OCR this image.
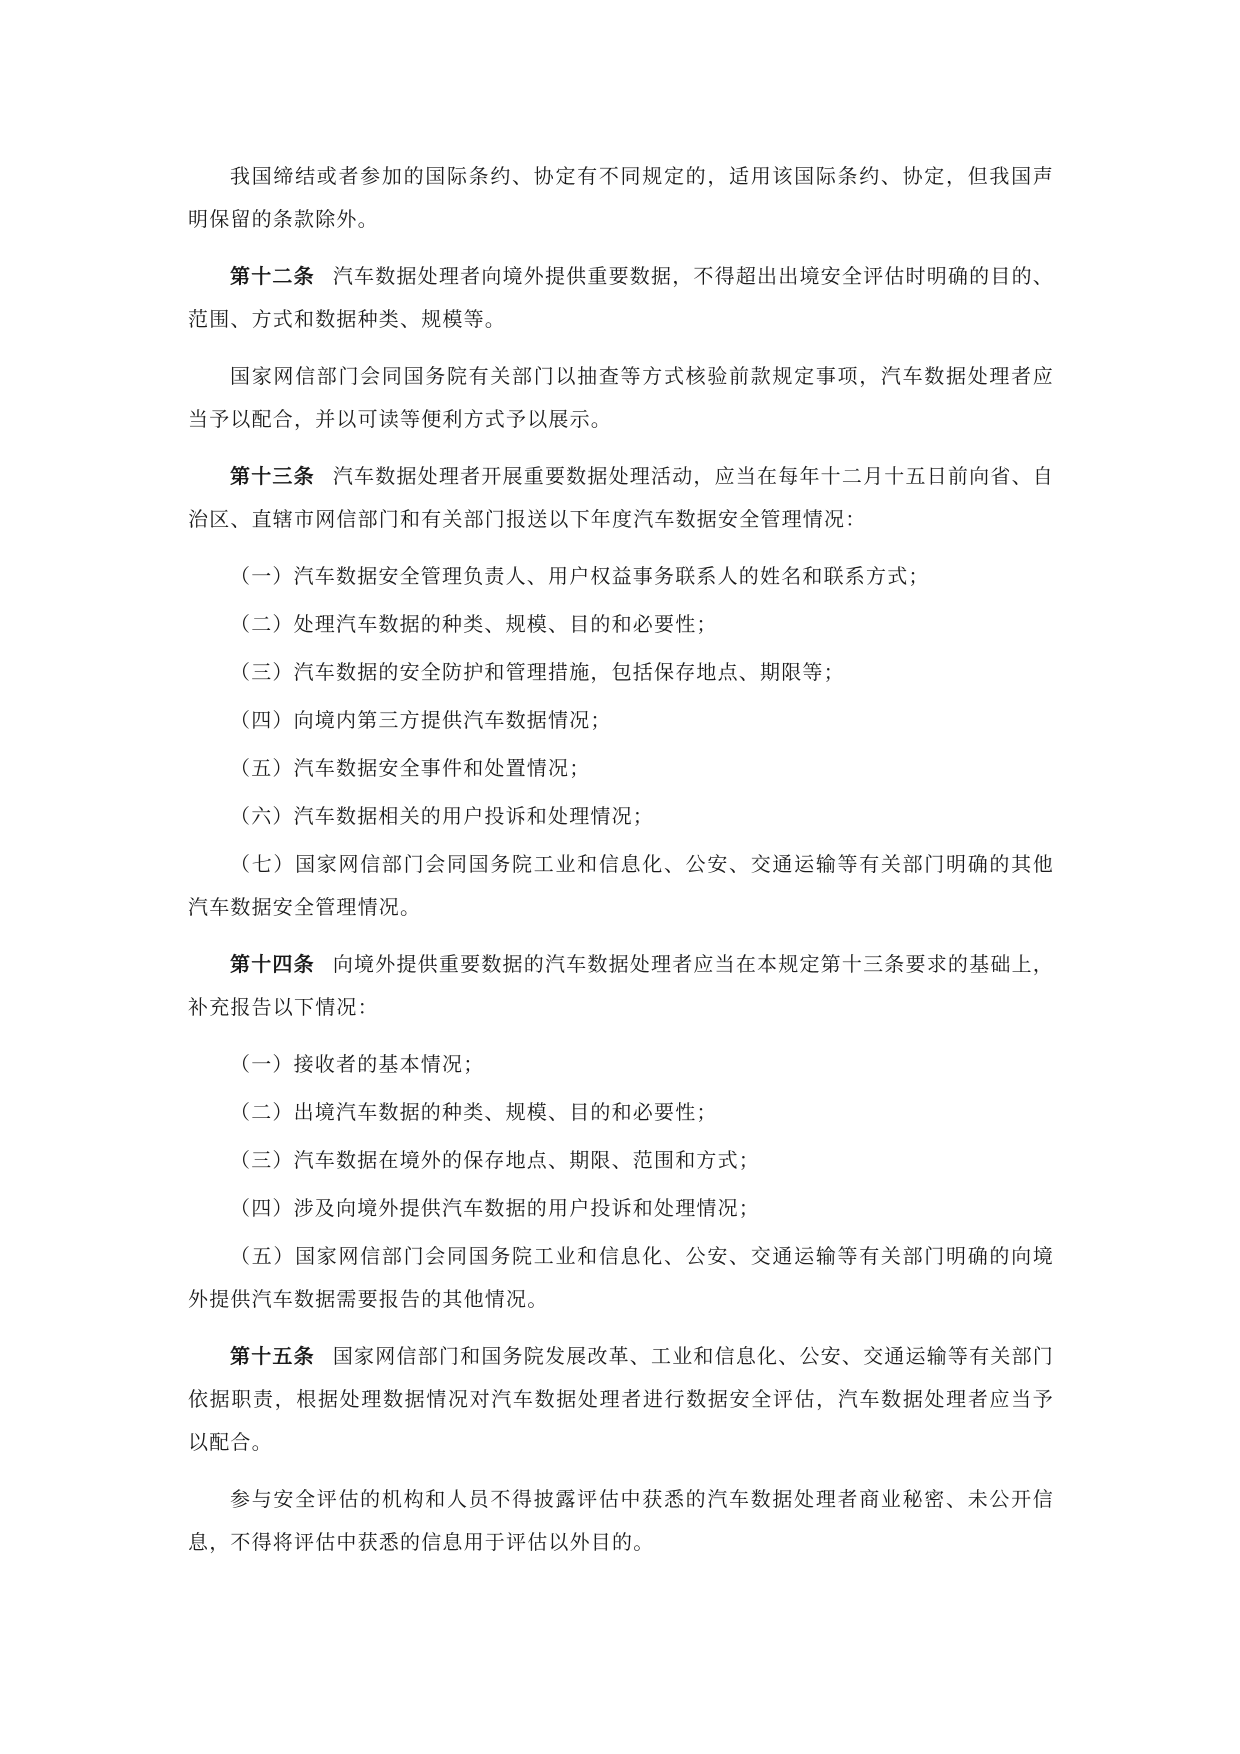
我国缔结或者参加的国际条约、协定有不同规定的，适用该国际条约、协定，但我国声明保留的条款除外。

第十二条 汽车数据处理者向境外提供重要数据，不得超出出境安全评估时明确的目的、范围、方式和数据种类、规模等。

国家网信部门会同国务院有关部门以抽查等方式核验前款规定事项，汽车数据处理者应当予以配合，并以可读等便利方式予以展示。

第十三条 汽车数据处理者开展重要数据处理活动，应当在每年十二月十五日前向省、自治区、直辖市网信部门和有关部门报送以下年度汽车数据安全管理情况：

（一）汽车数据安全管理负责人、用户权益事务联系人的姓名和联系方式；

（二）处理汽车数据的种类、规模、目的和必要性；

（三）汽车数据的安全防护和管理措施，包括保存地点、期限等；

（四）向境内第三方提供汽车数据情况；

（五）汽车数据安全事件和处置情况；

（六）汽车数据相关的用户投诉和处理情况；

（七）国家网信部门会同国务院工业和信息化、公安、交通运输等有关部门明确的其他汽车数据安全管理情况。

第十四条 向境外提供重要数据的汽车数据处理者应当在本规定第十三条要求的基础上，补充报告以下情况：

（一）接收者的基本情况；

（二）出境汽车数据的种类、规模、目的和必要性；

（三）汽车数据在境外的保存地点、期限、范围和方式；

（四）涉及向境外提供汽车数据的用户投诉和处理情况；

（五）国家网信部门会同国务院工业和信息化、公安、交通运输等有关部门明确的向境外提供汽车数据需要报告的其他情况。

第十五条 国家网信部门和国务院发展改革、工业和信息化、公安、交通运输等有关部门依据职责，根据处理数据情况对汽车数据处理者进行数据安全评估，汽车数据处理者应当予以配合。

参与安全评估的机构和人员不得披露评估中获悉的汽车数据处理者商业秘密、未公开信息，不得将评估中获悉的信息用于评估以外目的。
